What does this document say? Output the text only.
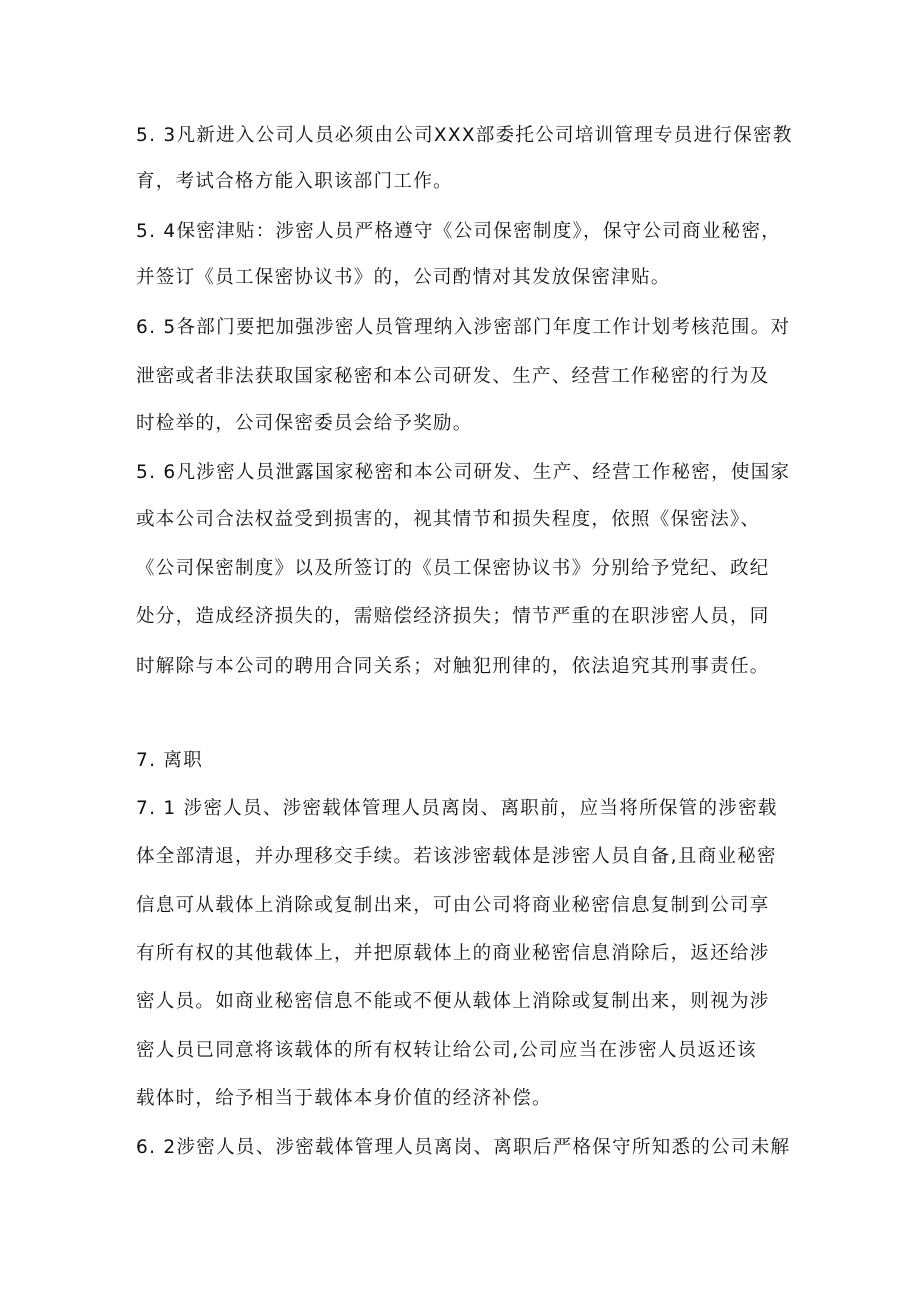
5. 3凡新进入公司人员必须由公司XXX部委托公司培训管理专员进行保密教
育，考试合格方能入职该部门工作。
5. 4保密津贴：涉密人员严格遵守《公司保密制度》，保守公司商业秘密，
并签订《员工保密协议书》的，公司酌情对其发放保密津贴。
6. 5各部门要把加强涉密人员管理纳入涉密部门年度工作计划考核范围。对
泄密或者非法获取国家秘密和本公司研发、生产、经营工作秘密的行为及
时检举的，公司保密委员会给予奖励。
5. 6凡涉密人员泄露国家秘密和本公司研发、生产、经营工作秘密，使国家
或本公司合法权益受到损害的，视其情节和损失程度，依照《保密法》、
《公司保密制度》以及所签订的《员工保密协议书》分别给予党纪、政纪
处分，造成经济损失的，需赔偿经济损失；情节严重的在职涉密人员，同
时解除与本公司的聘用合同关系；对触犯刑律的，依法追究其刑事责任。
7. 离职
7. 1 涉密人员、涉密载体管理人员离岗、离职前，应当将所保管的涉密载
体全部清退，并办理移交手续。若该涉密载体是涉密人员自备,且商业秘密
信息可从载体上消除或复制出来，可由公司将商业秘密信息复制到公司享
有所有权的其他载体上，并把原载体上的商业秘密信息消除后，返还给涉
密人员。如商业秘密信息不能或不便从载体上消除或复制出来，则视为涉
密人员已同意将该载体的所有权转让给公司,公司应当在涉密人员返还该
载体时，给予相当于载体本身价值的经济补偿。
6. 2涉密人员、涉密载体管理人员离岗、离职后严格保守所知悉的公司未解
